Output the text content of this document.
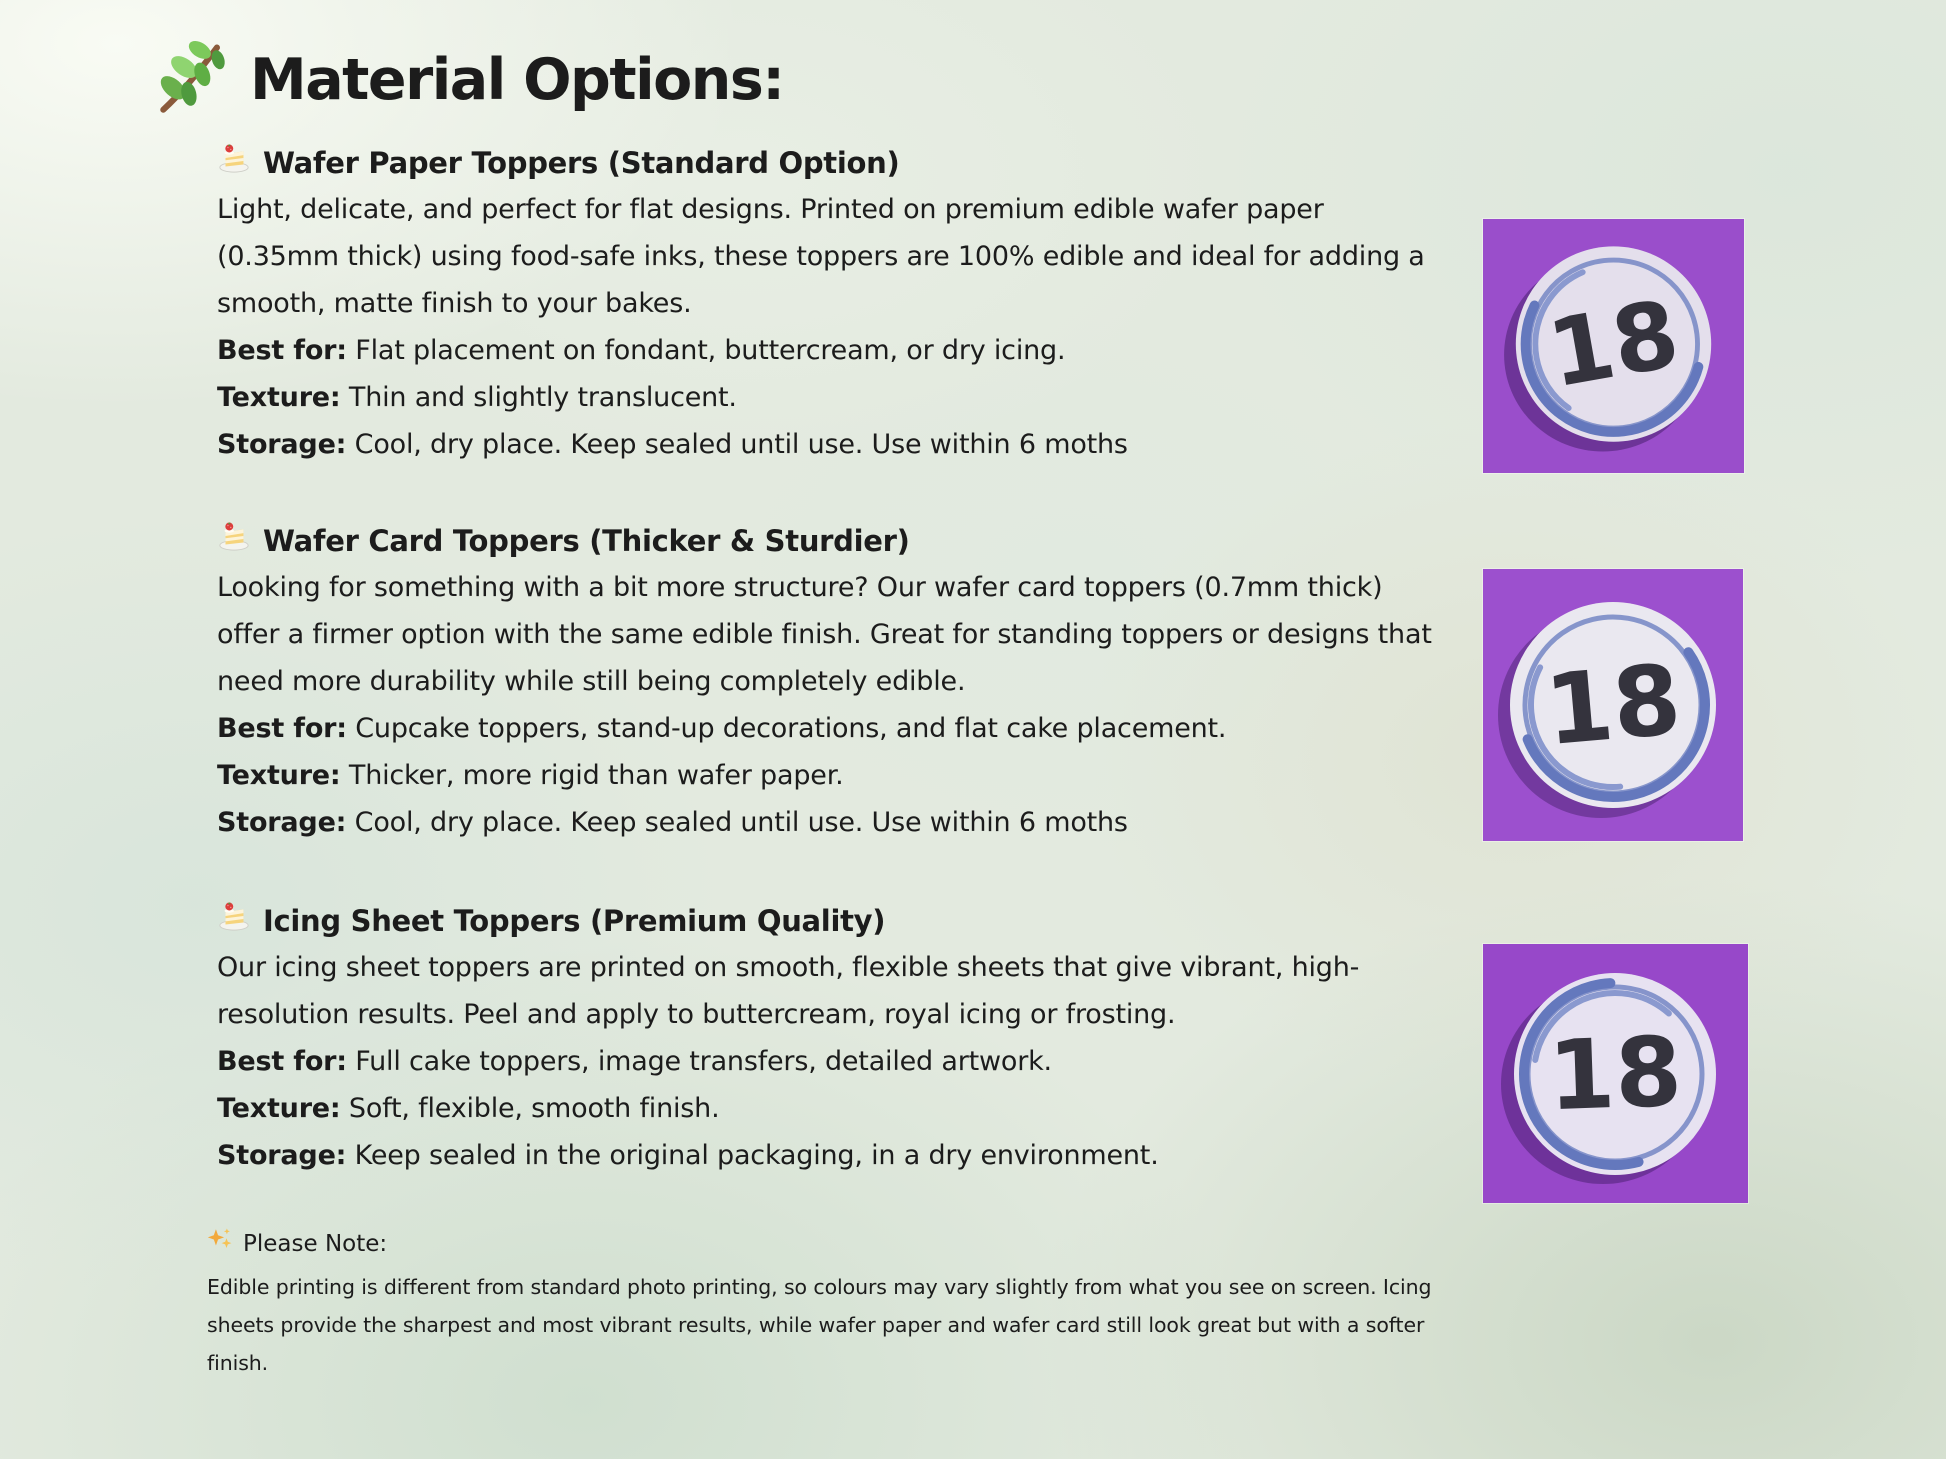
Material Options:
Wafer Paper Toppers (Standard Option)

Light, delicate, and perfect for flat designs. Printed on premium edible wafer paper (0.35mm thick) using food-safe inks, these toppers are 100% edible and ideal for adding a smooth, matte finish to your bakes.

Best for: Flat placement on fondant, buttercream, or dry icing.

Texture: Thin and slightly translucent.

Storage: Cool, dry place. Keep sealed until use. Use within 6 moths

Wafer Card Toppers (Thicker & Sturdier)

Looking for something with a bit more structure? Our wafer card toppers (0.7mm thick) offer a firmer option with the same edible finish. Great for standing toppers or designs that need more durability while still being completely edible.

Best for: Cupcake toppers, stand-up decorations, and flat cake placement.

Texture: Thicker, more rigid than wafer paper.

Storage: Cool, dry place. Keep sealed until use. Use within 6 moths

Icing Sheet Toppers (Premium Quality)

Our icing sheet toppers are printed on smooth, flexible sheets that give vibrant, high-resolution results. Peel and apply to buttercream, royal icing or frosting.

Best for: Full cake toppers, image transfers, detailed artwork.

Texture: Soft, flexible, smooth finish.

Storage: Keep sealed in the original packaging, in a dry environment.

Please Note:

Edible printing is different from standard photo printing, so colours may vary slightly from what you see on screen. Icing sheets provide the sharpest and most vibrant results, while wafer paper and wafer card still look great but with a softer finish.

18
18
18
